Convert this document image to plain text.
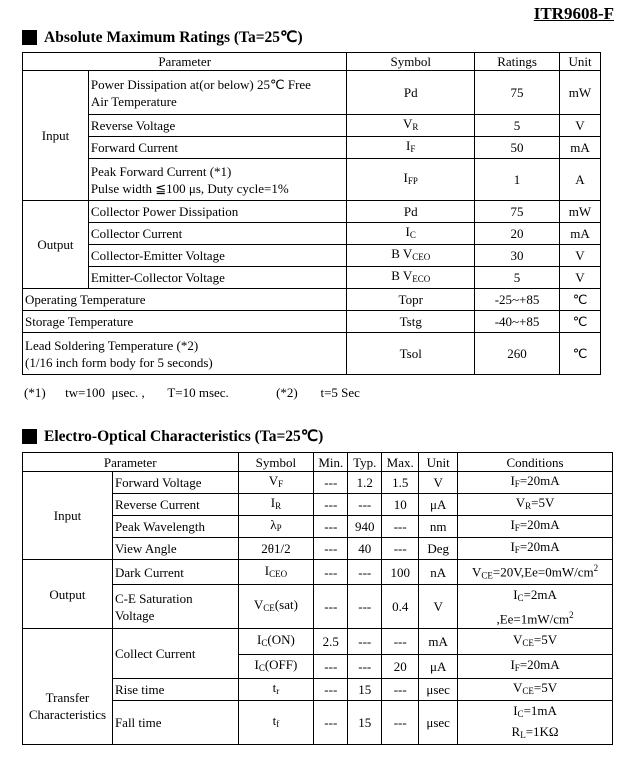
ITR9608-F
Absolute Maximum Ratings (Ta=25℃)
Parameter		Symbol	Ratings	Unit
Input	Power Dissipation at(or below) 25℃ Free
Air Temperature	Pd	75	mW
	Reverse Voltage	$V_R$	5	V
	Forward Current	$I_F$	50	mA
	Peak Forward Current (*1)
Pulse width ≦100 μs, Duty cycle=1%	$I_{FP}$	1	A
Output	Collector Power Dissipation	Pd	75	mW
	Collector Current	$I_C$	20	mA
	Collector-Emitter Voltage	B $V_{CEO}$	30	V
	Emitter-Collector Voltage	B $V_{ECO}$	5	V
Operating Temperature		Topr	-25~+85	℃
Storage Temperature		Tstg	-40~+85	℃
Lead Soldering Temperature (*2)
(1/16 inch form body for 5 seconds)		Tsol	260	℃
(*1)      tw=100  μsec. ,       T=10 msec.	(*2)       t=5 Sec
Electro-Optical Characteristics (Ta=25℃)
Parameter		Symbol	Min.	Typ.	Max.	Unit	Conditions
Input	Forward Voltage	$V_F$	---	1.2	1.5	V	$I_F=20mA$
	Reverse Current	$I_R$	---	---	10	μA	$V_R=5V$
	Peak Wavelength	$\lambda_P$	---	940	---	nm	$I_F=20mA$
	View Angle	2θ1/2	---	40	---	Deg	$I_F=20mA$
Output	Dark Current	$I_{CEO}$	---	---	100	nA	$V_{CE}=20V,Ee=0mW/cm^2$
	C-E Saturation
Voltage	$V_{CE}(sat)$	---	---	0.4	V	$I_C=2mA$
$,Ee=1mW/cm^2$
Transfer
Characteristics	Collect Current	$I_C(ON)$	2.5	---	---	mA	$V_{CE}=5V$
		$I_C(OFF)$	---	---	20	μA	$I_F=20mA$
	Rise time	$t_r$	---	15	---	μsec	$V_{CE}=5V$
	Fall time	$t_f$	---	15	---	μsec	$I_C=1mA$
$R_L=1K\Omega$
